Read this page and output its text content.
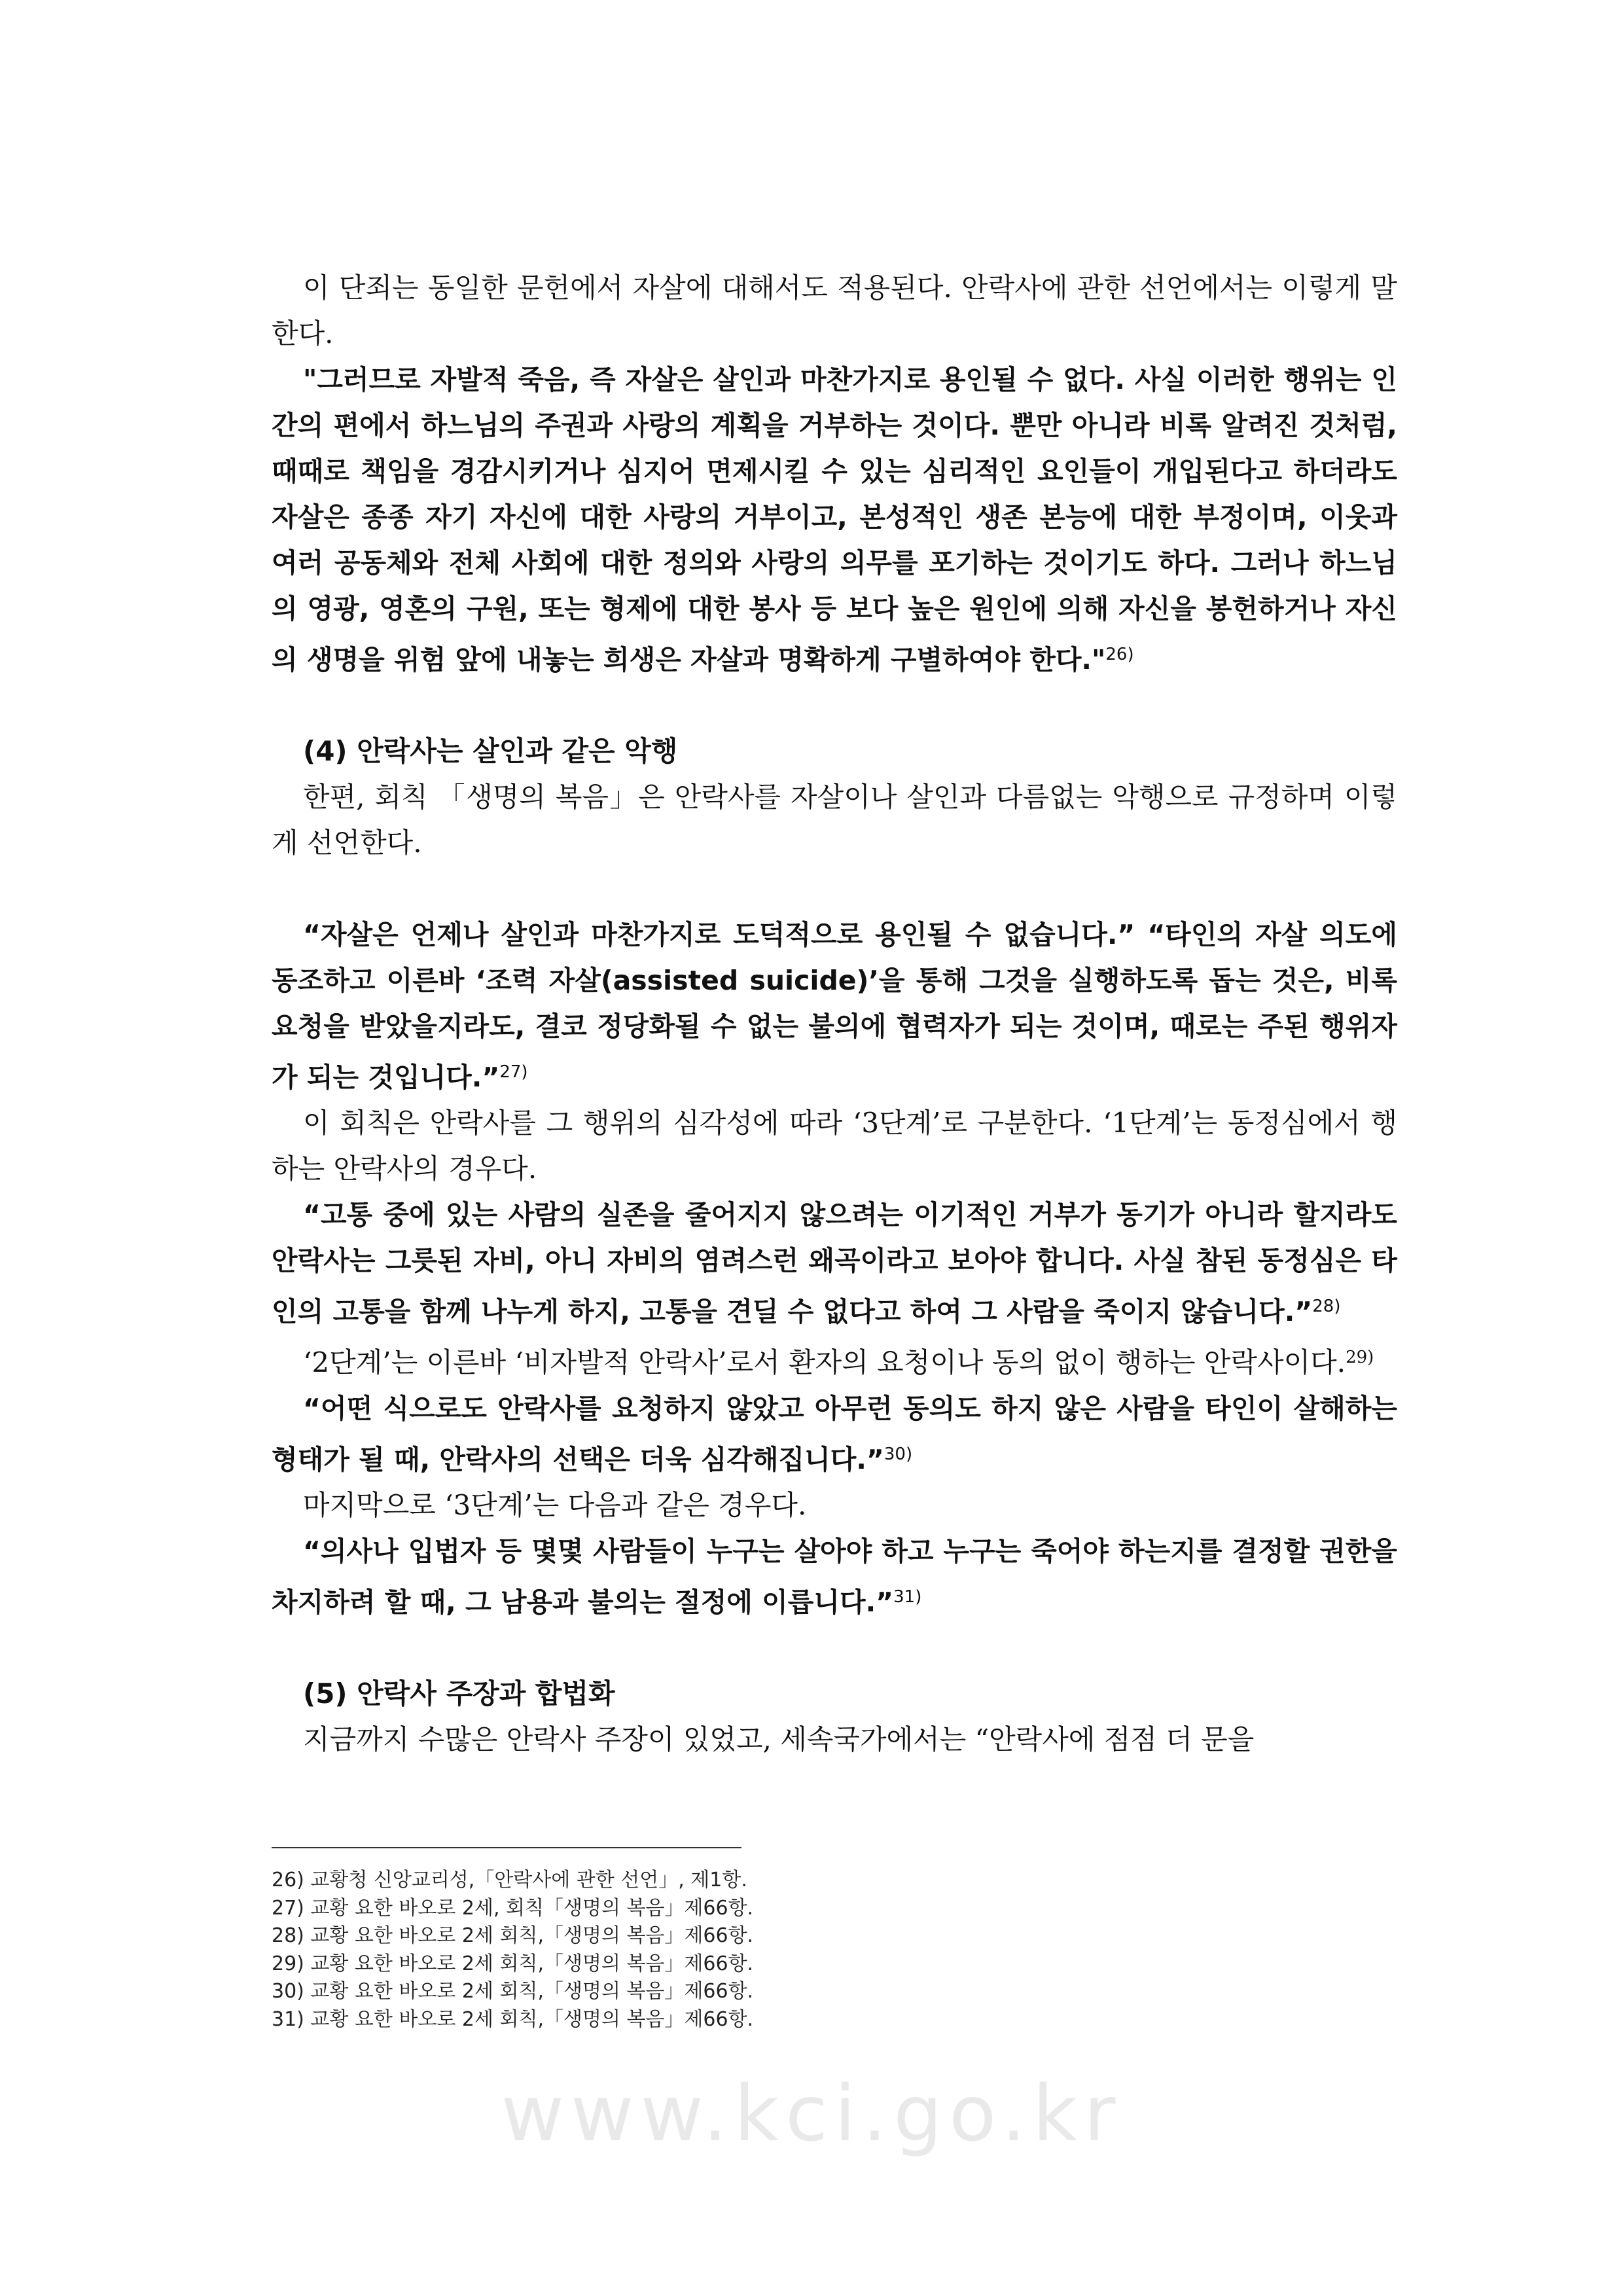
이 단죄는 동일한 문헌에서 자살에 대해서도 적용된다. 안락사에 관한 선언에서는 이렇게 말한다.

"그러므로 자발적 죽음, 즉 자살은 살인과 마찬가지로 용인될 수 없다. 사실 이러한 행위는 인간의 편에서 하느님의 주권과 사랑의 계획을 거부하는 것이다. 뿐만 아니라 비록 알려진 것처럼, 때때로 책임을 경감시키거나 심지어 면제시킬 수 있는 심리적인 요인들이 개입된다고 하더라도 자살은 종종 자기 자신에 대한 사랑의 거부이고, 본성적인 생존 본능에 대한 부정이며, 이웃과 여러 공동체와 전체 사회에 대한 정의와 사랑의 의무를 포기하는 것이기도 하다. 그러나 하느님의 영광, 영혼의 구원, 또는 형제에 대한 봉사 등 보다 높은 원인에 의해 자신을 봉헌하거나 자신의 생명을 위험 앞에 내놓는 희생은 자살과 명확하게 구별하여야 한다."$^{26)}$

(4) 안락사는 살인과 같은 악행

한편, 회칙 「생명의 복음」은 안락사를 자살이나 살인과 다름없는 악행으로 규정하며 이렇게 선언한다.

“자살은 언제나 살인과 마찬가지로 도덕적으로 용인될 수 없습니다.” “타인의 자살 의도에 동조하고 이른바 ‘조력 자살(assisted suicide)’을 통해 그것을 실행하도록 돕는 것은, 비록 요청을 받았을지라도, 결코 정당화될 수 없는 불의에 협력자가 되는 것이며, 때로는 주된 행위자가 되는 것입니다.”$^{27)}$

이 회칙은 안락사를 그 행위의 심각성에 따라 ‘3단계’로 구분한다. ‘1단계’는 동정심에서 행하는 안락사의 경우다.

“고통 중에 있는 사람의 실존을 줄어지지 않으려는 이기적인 거부가 동기가 아니라 할지라도 안락사는 그릇된 자비, 아니 자비의 염려스런 왜곡이라고 보아야 합니다. 사실 참된 동정심은 타인의 고통을 함께 나누게 하지, 고통을 견딜 수 없다고 하여 그 사람을 죽이지 않습니다.”$^{28)}$

‘2단계’는 이른바 ‘비자발적 안락사’로서 환자의 요청이나 동의 없이 행하는 안락사이다.$^{29)}$

“어떤 식으로도 안락사를 요청하지 않았고 아무런 동의도 하지 않은 사람을 타인이 살해하는 형태가 될 때, 안락사의 선택은 더욱 심각해집니다.”$^{30)}$

마지막으로 ‘3단계’는 다음과 같은 경우다.

“의사나 입법자 등 몇몇 사람들이 누구는 살아야 하고 누구는 죽어야 하는지를 결정할 권한을 차지하려 할 때, 그 남용과 불의는 절정에 이릅니다.”$^{31)}$

(5) 안락사 주장과 합법화

지금까지 수많은 안락사 주장이 있었고, 세속국가에서는 “안락사에 점점 더 문을

26) 교황청 신앙교리성,「안락사에 관한 선언」, 제1항.
27) 교황 요한 바오로 2세, 회칙「생명의 복음」제66항.
28) 교황 요한 바오로 2세 회칙,「생명의 복음」제66항.
29) 교황 요한 바오로 2세 회칙,「생명의 복음」제66항.
30) 교황 요한 바오로 2세 회칙,「생명의 복음」제66항.
31) 교황 요한 바오로 2세 회칙,「생명의 복음」제66항.
www.kci.go.kr
